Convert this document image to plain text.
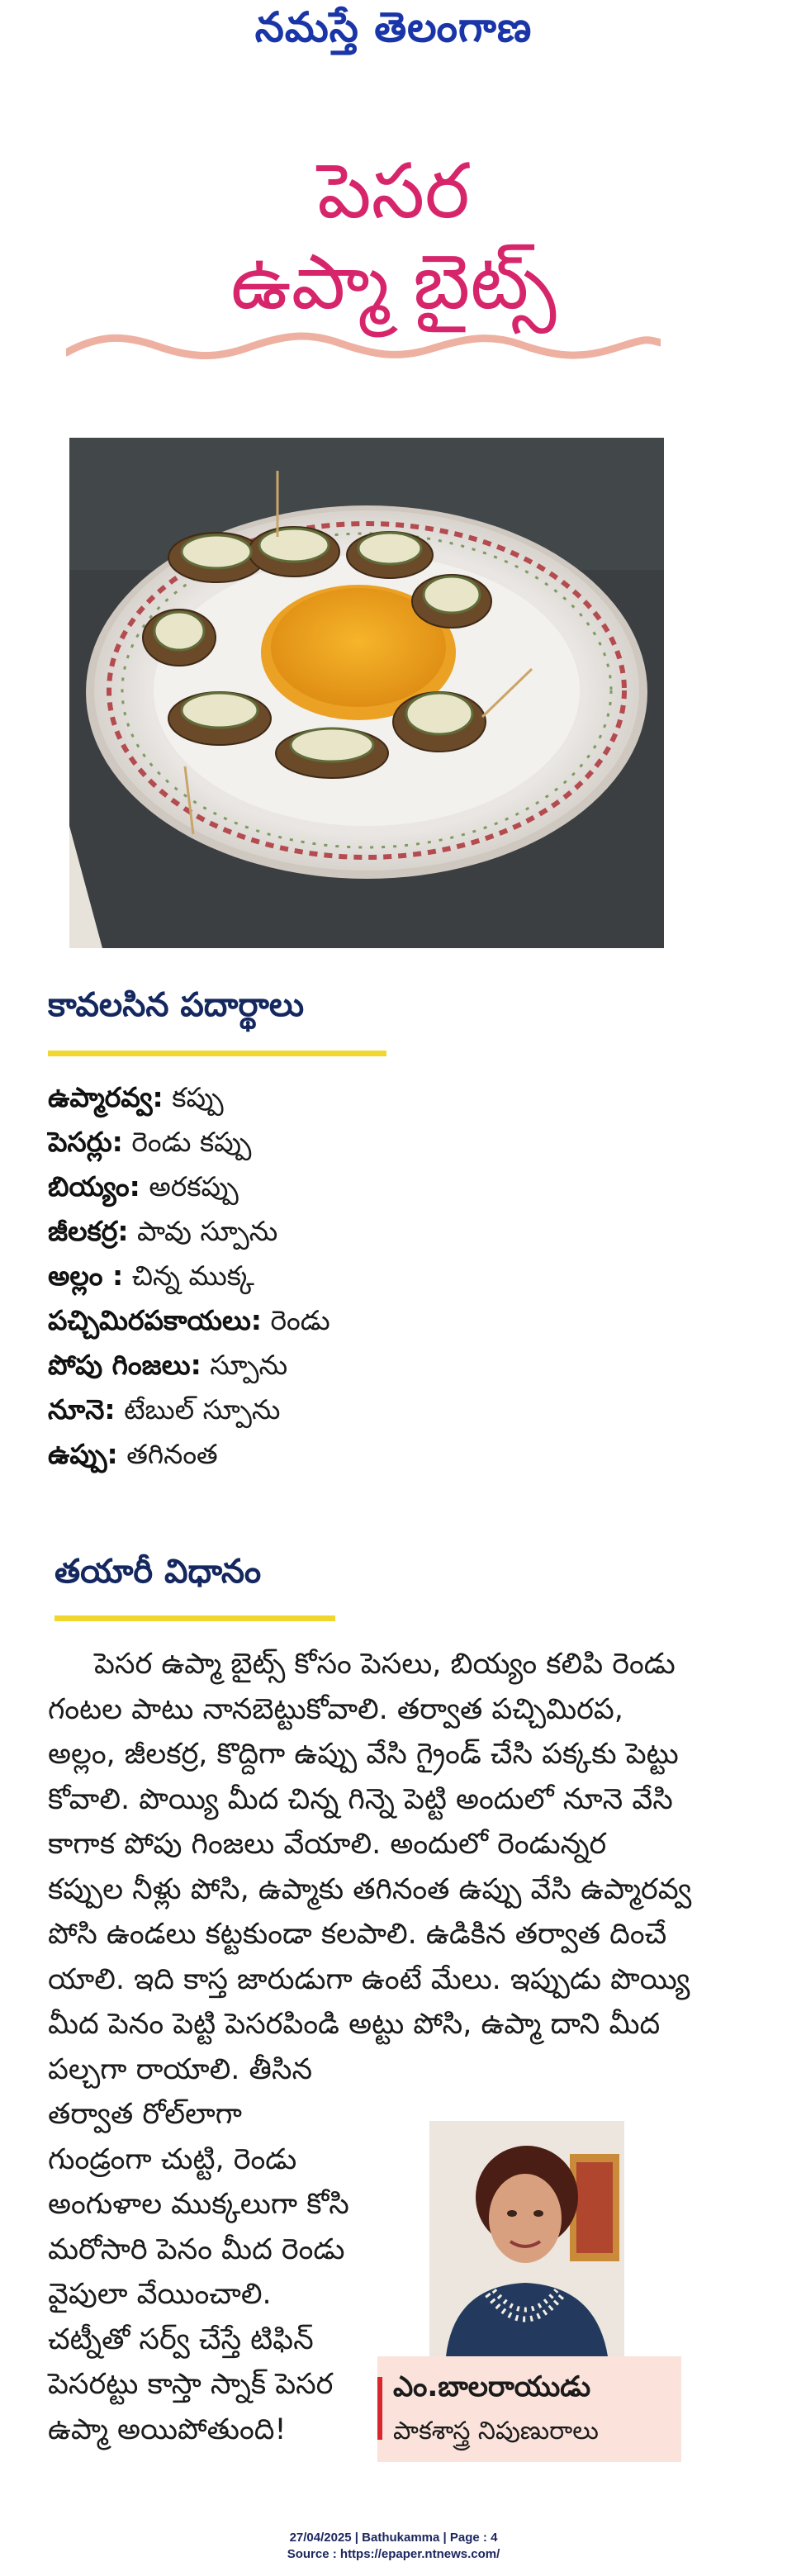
నమస్తే తెలంగాణ
పెసర
ఉప్మా బైట్స్
కావలసిన పదార్థాలు
ఉప్మారవ్వ: కప్పు
పెసర్లు: రెండు కప్పు
బియ్యం: అరకప్పు
జీలకర్ర: పావు స్పూను
అల్లం : చిన్న ముక్క
పచ్చిమిరపకాయలు: రెండు
పోపు గింజలు: స్పూను
నూనె: టేబుల్ స్పూను
ఉప్పు: తగినంత
తయారీ విధానం
పెసర ఉప్మా బైట్స్ కోసం పెసలు, బియ్యం కలిపి రెండు
గంటల పాటు నానబెట్టుకోవాలి. తర్వాత పచ్చిమిరప,
అల్లం, జీలకర్ర, కొద్దిగా ఉప్పు వేసి గ్రైండ్ చేసి పక్కకు పెట్టు
కోవాలి. పొయ్యి మీద చిన్న గిన్నె పెట్టి అందులో నూనె వేసి
కాగాక పోపు గింజలు వేయాలి. అందులో రెండున్నర
కప్పుల నీళ్లు పోసి, ఉప్మాకు తగినంత ఉప్పు వేసి ఉప్మారవ్వ
పోసి ఉండలు కట్టకుండా కలపాలి. ఉడికిన తర్వాత దించే
యాలి. ఇది కాస్త జారుడుగా ఉంటే మేలు. ఇప్పుడు పొయ్యి
మీద పెనం పెట్టి పెసరపిండి అట్టు పోసి, ఉప్మా దాని మీద
పల్చగా రాయాలి. తీసిన
తర్వాత రోల్‌లాగా
గుండ్రంగా చుట్టి, రెండు
అంగుళాల ముక్కలుగా కోసి
మరోసారి పెనం మీద రెండు
వైపులా వేయించాలి.
చట్నీతో సర్వ్ చేస్తే టిఫిన్
పెసరట్టు కాస్తా స్నాక్ పెసర
ఉప్మా అయిపోతుంది!
ఎం.బాలరాయుడు
పాకశాస్త్ర నిపుణురాలు
27/04/2025 | Bathukamma | Page : 4
Source : https://epaper.ntnews.com/
